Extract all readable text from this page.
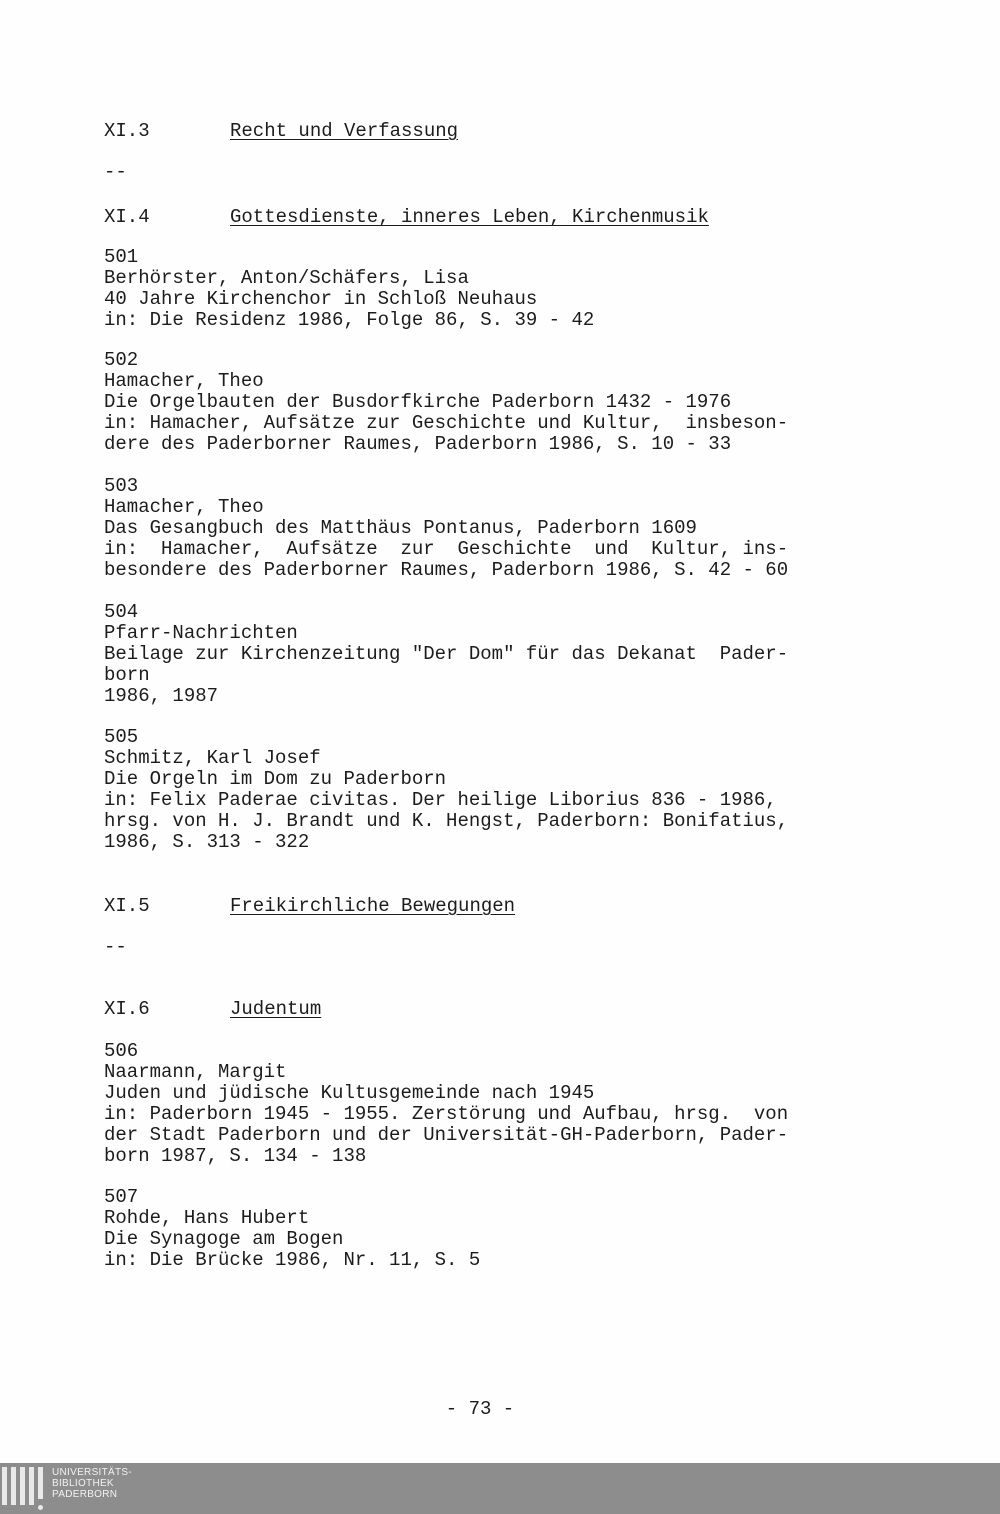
XI.3	Recht und Verfassung
--
XI.4	Gottesdienste, inneres Leben, Kirchenmusik
501
Berhörster, Anton/Schäfers, Lisa
40 Jahre Kirchenchor in Schloß Neuhaus
in: Die Residenz 1986, Folge 86, S. 39 - 42
502
Hamacher, Theo
Die Orgelbauten der Busdorfkirche Paderborn 1432 - 1976
in: Hamacher, Aufsätze zur Geschichte und Kultur,  insbeson-
dere des Paderborner Raumes, Paderborn 1986, S. 10 - 33
503
Hamacher, Theo
Das Gesangbuch des Matthäus Pontanus, Paderborn 1609
in:  Hamacher,  Aufsätze  zur  Geschichte  und  Kultur, ins-
besondere des Paderborner Raumes, Paderborn 1986, S. 42 - 60
504
Pfarr-Nachrichten
Beilage zur Kirchenzeitung "Der Dom" für das Dekanat  Pader-
born
1986, 1987
505
Schmitz, Karl Josef
Die Orgeln im Dom zu Paderborn
in: Felix Paderae civitas. Der heilige Liborius 836 - 1986,
hrsg. von H. J. Brandt und K. Hengst, Paderborn: Bonifatius,
1986, S. 313 - 322
XI.5	Freikirchliche Bewegungen
--
XI.6	Judentum
506
Naarmann, Margit
Juden und jüdische Kultusgemeinde nach 1945
in: Paderborn 1945 - 1955. Zerstörung und Aufbau, hrsg.  von
der Stadt Paderborn und der Universität-GH-Paderborn, Pader-
born 1987, S. 134 - 138
507
Rohde, Hans Hubert
Die Synagoge am Bogen
in: Die Brücke 1986, Nr. 11, S. 5
- 73 -
UNIVERSITÄTS-
BIBLIOTHEK
PADERBORN
